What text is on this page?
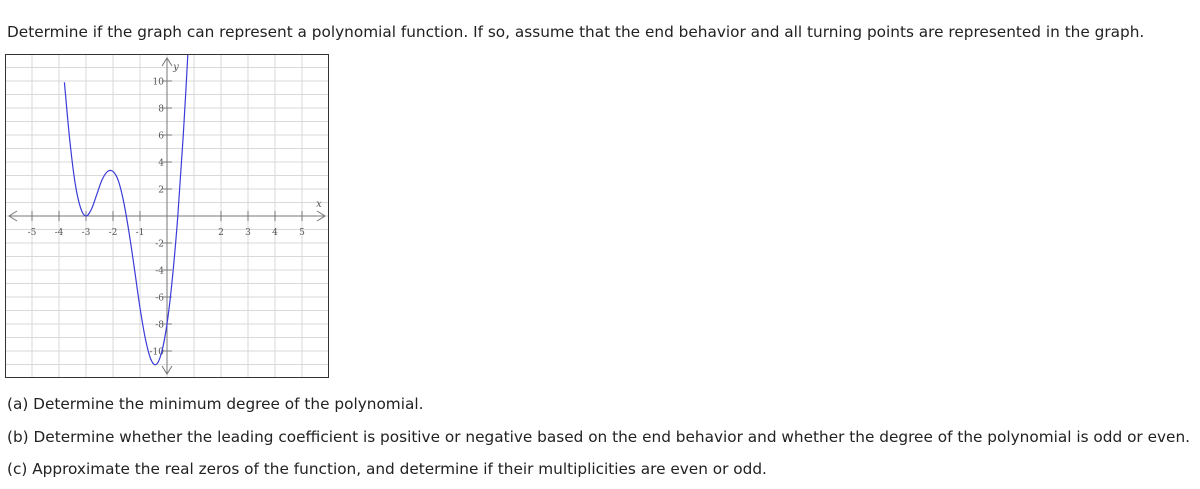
Determine if the graph can represent a polynomial function. If so, assume that the end behavior and all turning points are represented in the graph.

-5 -4 -3 -2 -1	2 3 4 5
10
8
6
4
2
-2
-4
-6
-8
-10
x
y

(a) Determine the minimum degree of the polynomial.

(b) Determine whether the leading coefficient is positive or negative based on the end behavior and whether the degree of the polynomial is odd or even.

(c) Approximate the real zeros of the function, and determine if their multiplicities are even or odd.
